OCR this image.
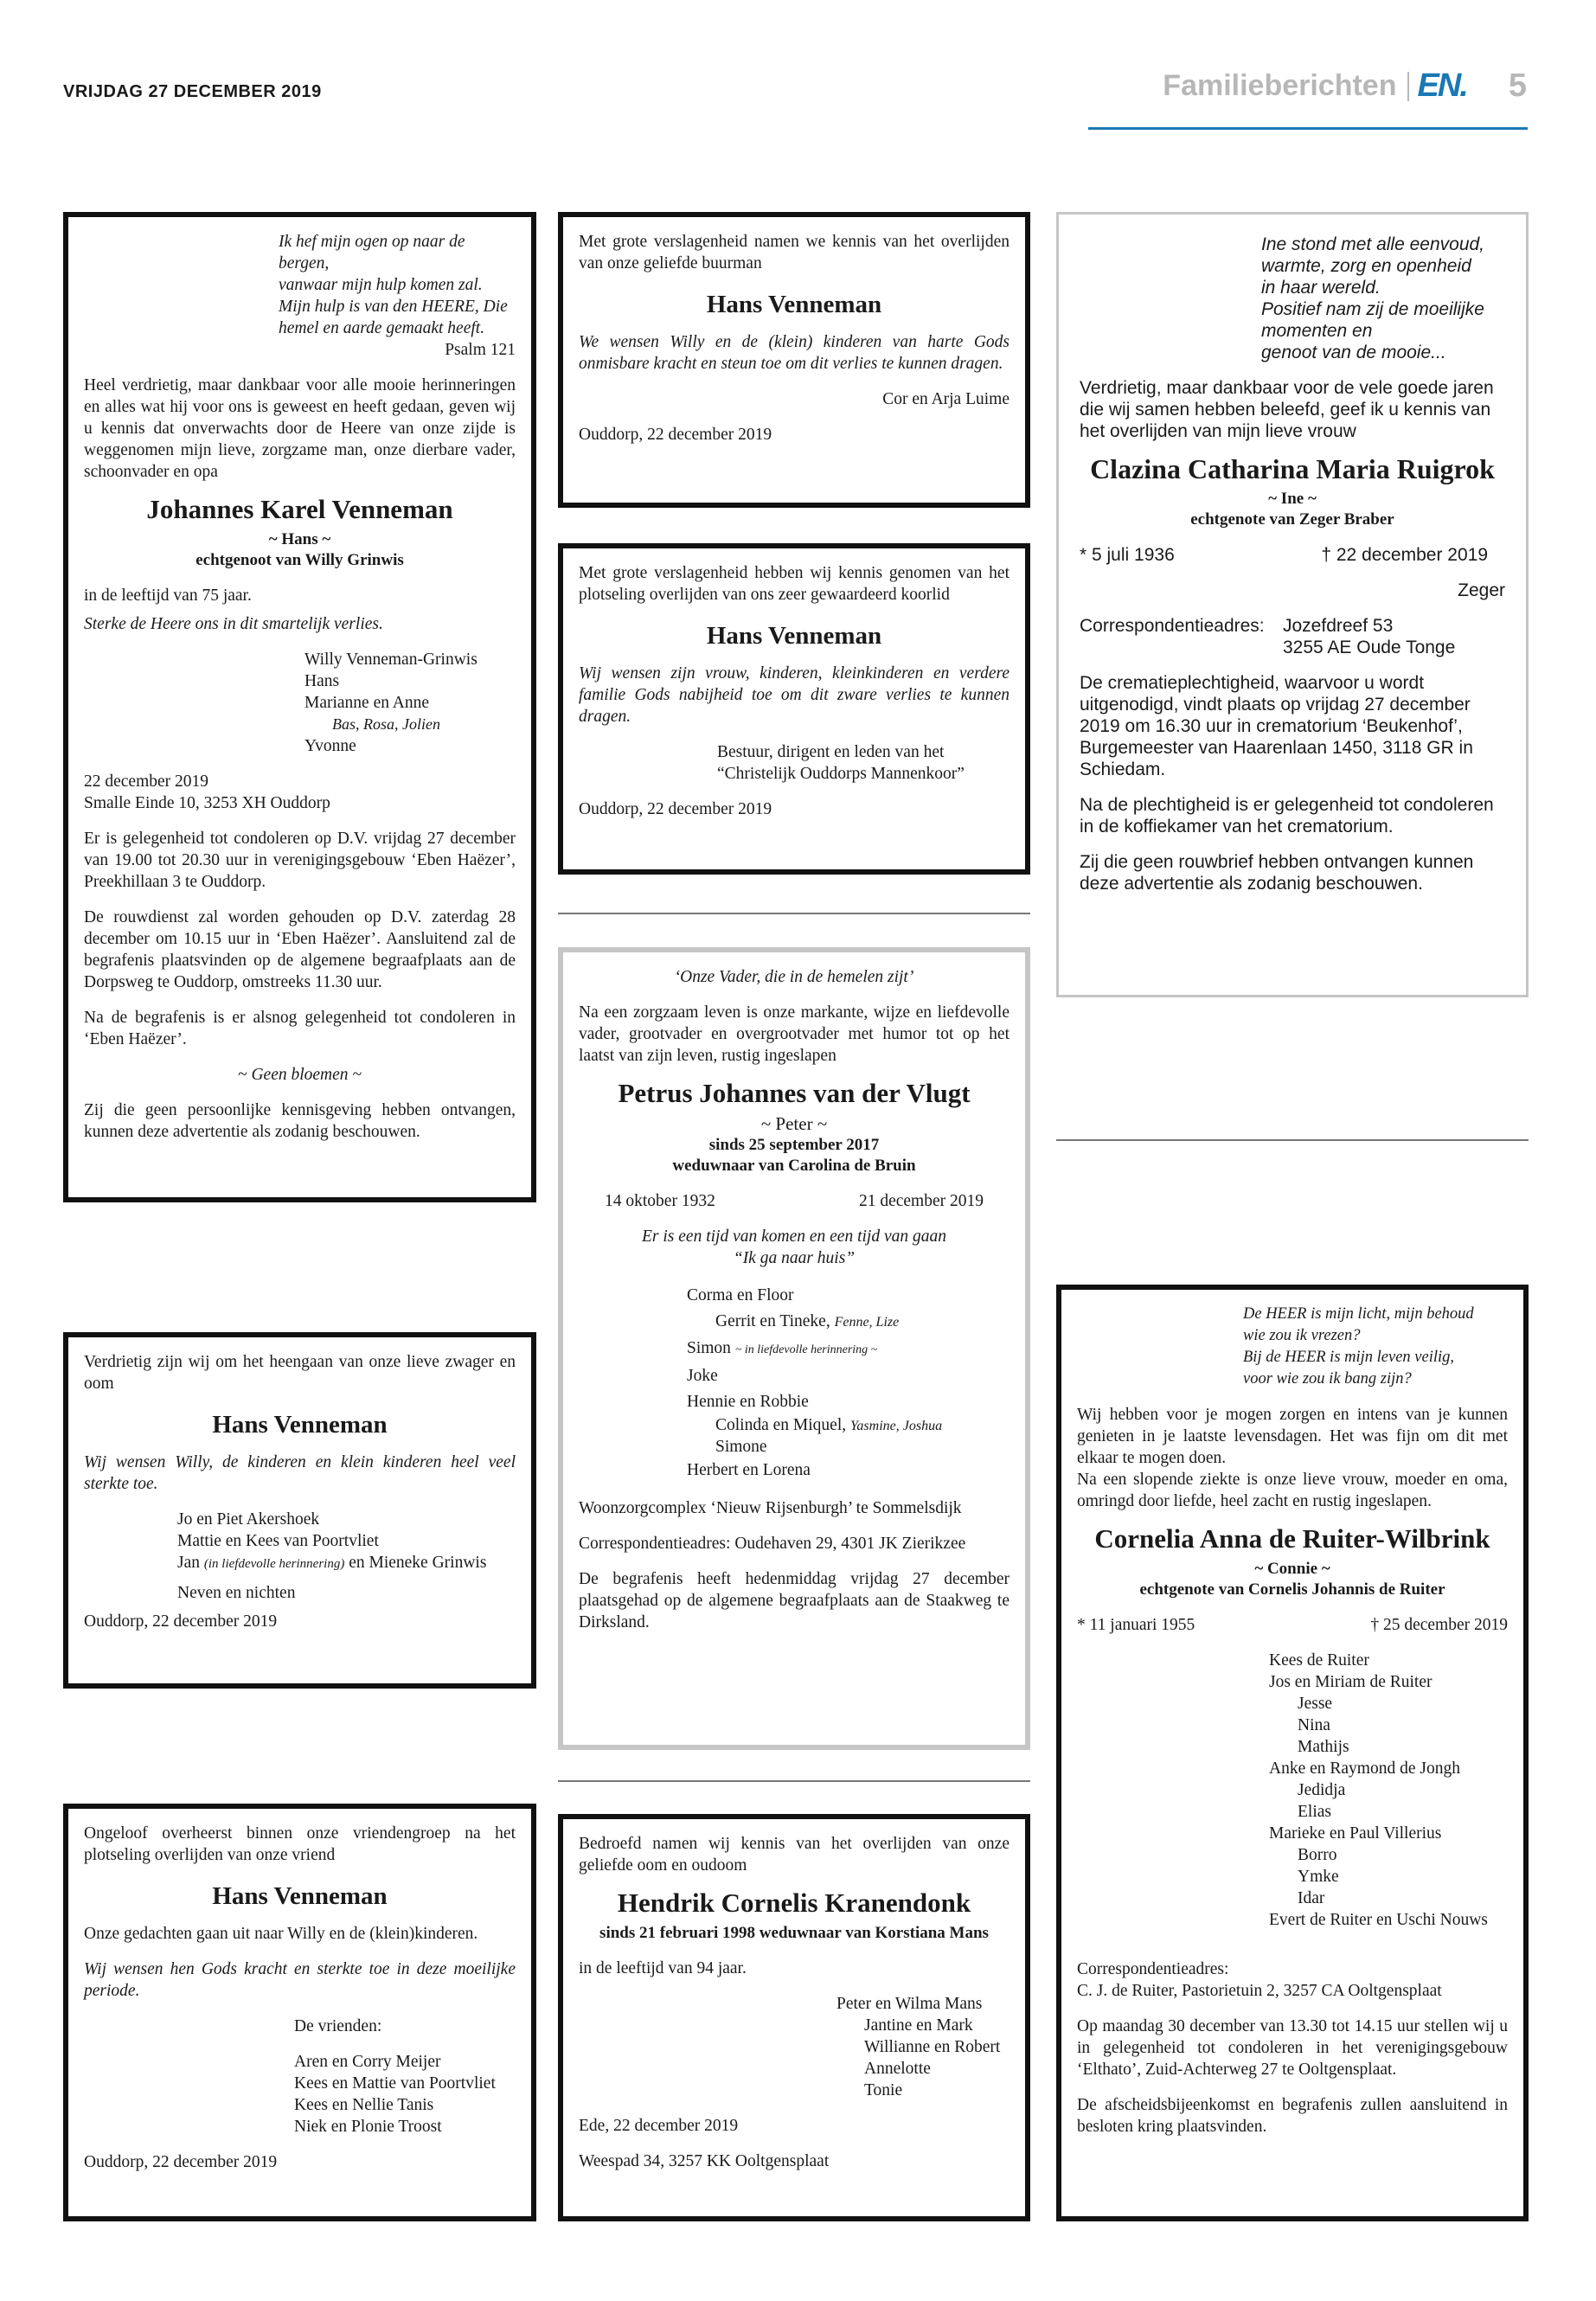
VRIJDAG 27 DECEMBER 2019	Familieberichten EN. 5

Ik hef mijn ogen op naar de bergen,

vanwaar mijn hulp komen zal.

Mijn hulp is van den HEERE, Die

hemel en aarde gemaakt heeft.

Psalm 121

Heel verdrietig, maar dankbaar voor alle mooie herinneringen en alles wat hij voor ons is geweest en heeft gedaan, geven wij u kennis dat onverwachts door de Heere van onze zijde is weggenomen mijn lieve, zorgzame man, onze dierbare vader, schoonvader en opa

Johannes Karel Venneman

~ Hans ~

echtgenoot van Willy Grinwis

in de leeftijd van 75 jaar.

Sterke de Heere ons in dit smartelijk verlies.

Willy Venneman-Grinwis

Hans

Marianne en Anne

Bas, Rosa, Jolien

Yvonne

22 december 2019

Smalle Einde 10, 3253 XH Ouddorp

Er is gelegenheid tot condoleren op D.V. vrijdag 27 december van 19.00 tot 20.30 uur in verenigingsgebouw ‘Eben Haëzer’, Preekhillaan 3 te Ouddorp.

De rouwdienst zal worden gehouden op D.V. zaterdag 28 december om 10.15 uur in ‘Eben Haëzer’. Aansluitend zal de begrafenis plaatsvinden op de algemene begraafplaats aan de Dorpsweg te Ouddorp, omstreeks 11.30 uur.

Na de begrafenis is er alsnog gelegenheid tot condoleren in ‘Eben Haëzer’.

~ Geen bloemen ~

Zij die geen persoonlijke kennisgeving hebben ontvangen, kunnen deze advertentie als zodanig beschouwen.

Met grote verslagenheid namen we kennis van het overlijden van onze geliefde buurman

Hans Venneman

We wensen Willy en de (klein) kinderen van harte Gods onmisbare kracht en steun toe om dit verlies te kunnen dragen.

Cor en Arja Luime

Ouddorp, 22 december 2019

Met grote verslagenheid hebben wij kennis genomen van het plotseling overlijden van ons zeer gewaardeerd koorlid

Hans Venneman

Wij wensen zijn vrouw, kinderen, kleinkinderen en verdere familie Gods nabijheid toe om dit zware verlies te kunnen dragen.

Bestuur, dirigent en leden van het

“Christelijk Ouddorps Mannenkoor”

Ouddorp, 22 december 2019

Ine stond met alle eenvoud,

warmte, zorg en openheid

in haar wereld.

Positief nam zij de moeilijke

momenten en

genoot van de mooie...

Verdrietig, maar dankbaar voor de vele goede jaren die wij samen hebben beleefd, geef ik u kennis van het overlijden van mijn lieve vrouw

Clazina Catharina Maria Ruigrok

~ Ine ~

echtgenote van Zeger Braber

* 5 juli 1936	† 22 december 2019

Zeger

Correspondentieadres:	Jozefdreef 53
3255 AE Oude Tonge

De crematieplechtigheid, waarvoor u wordt uitgenodigd, vindt plaats op vrijdag 27 december 2019 om 16.30 uur in crematorium ‘Beukenhof’, Burgemeester van Haarenlaan 1450, 3118 GR in Schiedam.

Na de plechtigheid is er gelegenheid tot condoleren in de koffiekamer van het crematorium.

Zij die geen rouwbrief hebben ontvangen kunnen deze advertentie als zodanig beschouwen.

‘Onze Vader, die in de hemelen zijt’

Na een zorgzaam leven is onze markante, wijze en liefdevolle vader, grootvader en overgrootvader met humor tot op het laatst van zijn leven, rustig ingeslapen

Petrus Johannes van der Vlugt

~ Peter ~

sinds 25 september 2017

weduwnaar van Carolina de Bruin

14 oktober 1932	21 december 2019

Er is een tijd van komen en een tijd van gaan

“Ik ga naar huis”

Corma en Floor

Gerrit en Tineke, Fenne, Lize

Simon ~ in liefdevolle herinnering ~

Joke

Hennie en Robbie

Colinda en Miquel, Yasmine, Joshua

Simone

Herbert en Lorena

Woonzorgcomplex ‘Nieuw Rijsenburgh’ te Sommelsdijk

Correspondentieadres: Oudehaven 29, 4301 JK Zierikzee

De begrafenis heeft hedenmiddag vrijdag 27 december plaatsgehad op de algemene begraafplaats aan de Staakweg te Dirksland.

Verdrietig zijn wij om het heengaan van onze lieve zwager en oom

Hans Venneman

Wij wensen Willy, de kinderen en klein kinderen heel veel sterkte toe.

Jo en Piet Akershoek

Mattie en Kees van Poortvliet

Jan (in liefdevolle herinnering) en Mieneke Grinwis

Neven en nichten

Ouddorp, 22 december 2019

De HEER is mijn licht, mijn behoud

wie zou ik vrezen?

Bij de HEER is mijn leven veilig,

voor wie zou ik bang zijn?

Wij hebben voor je mogen zorgen en intens van je kunnen genieten in je laatste levensdagen. Het was fijn om dit met elkaar te mogen doen.

Na een slopende ziekte is onze lieve vrouw, moeder en oma, omringd door liefde, heel zacht en rustig ingeslapen.

Cornelia Anna de Ruiter-Wilbrink

~ Connie ~

echtgenote van Cornelis Johannis de Ruiter

* 11 januari 1955	† 25 december 2019

Kees de Ruiter

Jos en Miriam de Ruiter

Jesse

Nina

Mathijs

Anke en Raymond de Jongh

Jedidja

Elias

Marieke en Paul Villerius

Borro

Ymke

Idar

Evert de Ruiter en Uschi Nouws

Correspondentieadres:

C. J. de Ruiter, Pastorietuin 2, 3257 CA Ooltgensplaat

Op maandag 30 december van 13.30 tot 14.15 uur stellen wij u in gelegenheid tot condoleren in het verenigingsgebouw ‘Elthato’, Zuid-Achterweg 27 te Ooltgensplaat.

De afscheidsbijeenkomst en begrafenis zullen aansluitend in besloten kring plaatsvinden.

Ongeloof overheerst binnen onze vriendengroep na het plotseling overlijden van onze vriend

Hans Venneman

Onze gedachten gaan uit naar Willy en de (klein)kinderen.

Wij wensen hen Gods kracht en sterkte toe in deze moeilijke periode.

De vrienden:

Aren en Corry Meijer

Kees en Mattie van Poortvliet

Kees en Nellie Tanis

Niek en Plonie Troost

Ouddorp, 22 december 2019

Bedroefd namen wij kennis van het overlijden van onze geliefde oom en oudoom

Hendrik Cornelis Kranendonk

sinds 21 februari 1998 weduwnaar van Korstiana Mans

in de leeftijd van 94 jaar.

Peter en Wilma Mans

Jantine en Mark

Willianne en Robert

Annelotte

Tonie

Ede, 22 december 2019

Weespad 34, 3257 KK Ooltgensplaat
